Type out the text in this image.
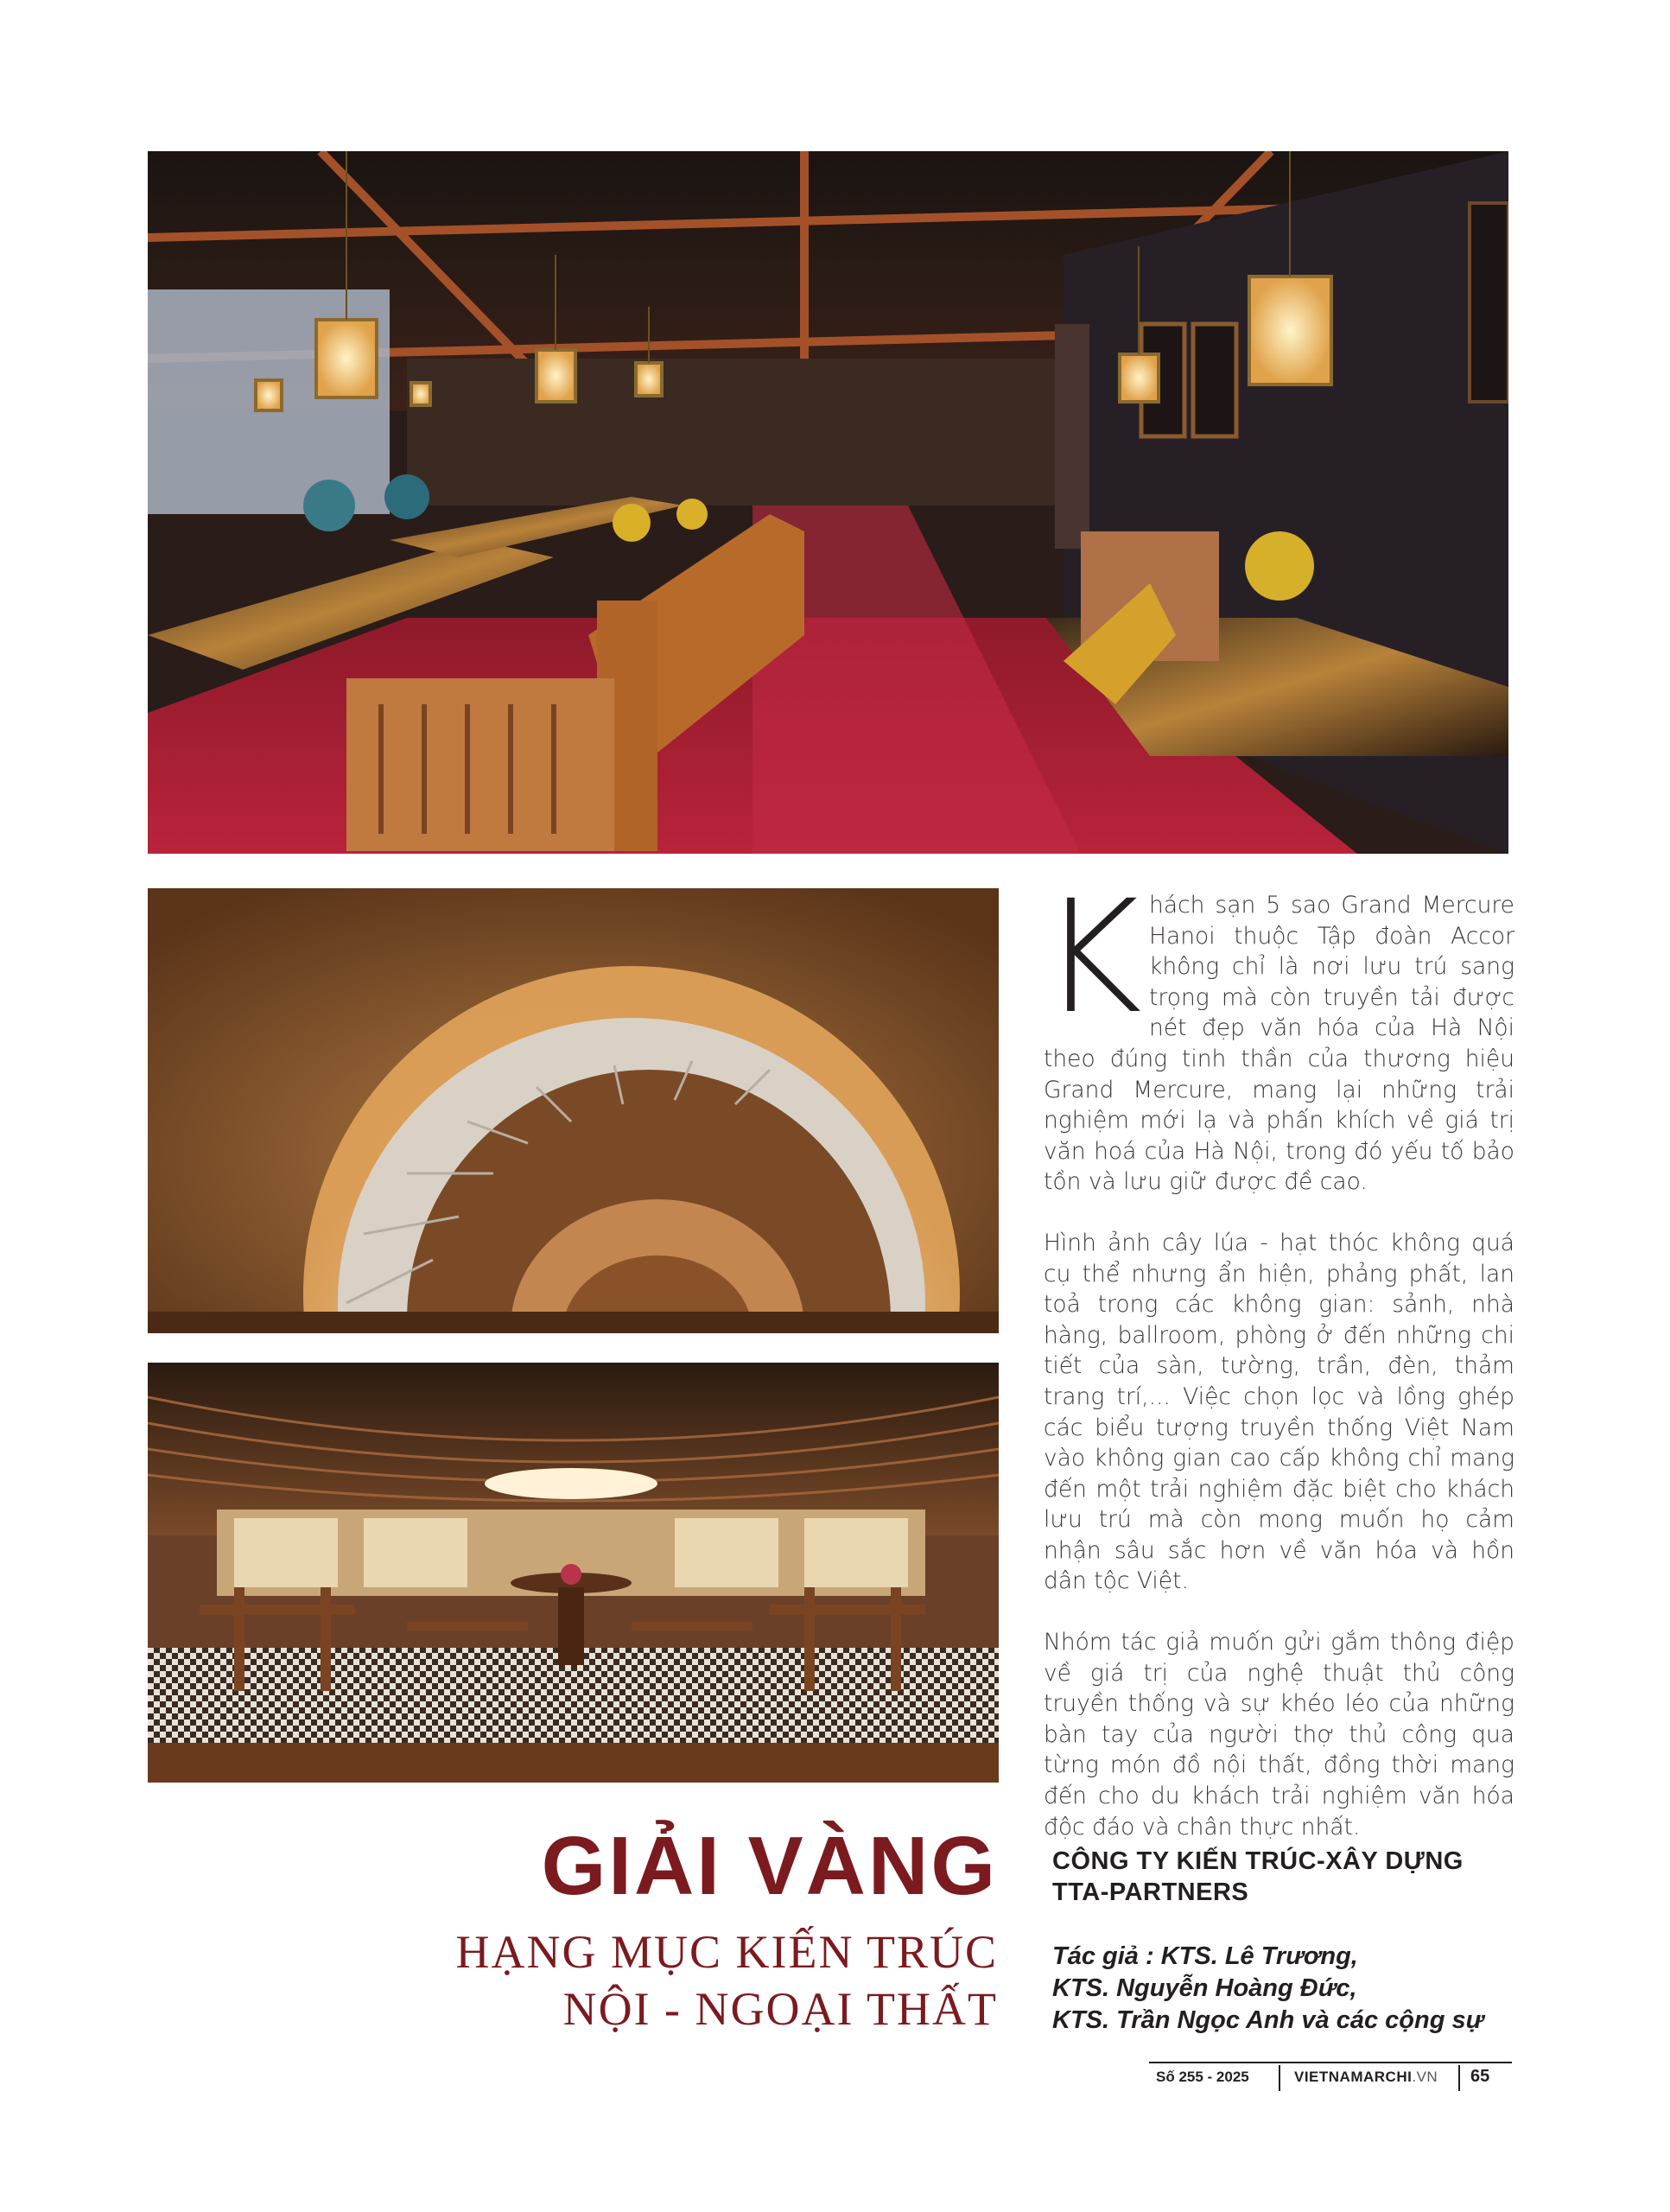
Khách sạn 5 sao Grand Mercure Hanoi thuộc Tập đoàn Accor không chỉ là nơi lưu trú sang trọng mà còn truyền tải được nét đẹp văn hóa của Hà Nội theo đúng tinh thần của thương hiệu Grand Mercure, mang lại những trải nghiệm mới lạ và phấn khích về giá trị văn hoá của Hà Nội, trong đó yếu tố bảo tồn và lưu giữ được đề cao.

Hình ảnh cây lúa - hạt thóc không quá cụ thể nhưng ẩn hiện, phảng phất, lan toả trong các không gian: sảnh, nhà hàng, ballroom, phòng ở đến những chi tiết của sàn, tường, trần, đèn, thảm trang trí,... Việc chọn lọc và lồng ghép các biểu tượng truyền thống Việt Nam vào không gian cao cấp không chỉ mang đến một trải nghiệm đặc biệt cho khách lưu trú mà còn mong muốn họ cảm nhận sâu sắc hơn về văn hóa và hồn dân tộc Việt.

Nhóm tác giả muốn gửi gắm thông điệp về giá trị của nghệ thuật thủ công truyền thống và sự khéo léo của những bàn tay của người thợ thủ công qua từng món đồ nội thất, đồng thời mang đến cho du khách trải nghiệm văn hóa độc đáo và chân thực nhất.

GIẢI VÀNG
HẠNG MỤC KIẾN TRÚC
NỘI - NGOẠI THẤT
CÔNG TY KIẾN TRÚC-XÂY DỰNG
TTA-PARTNERS
Tác giả : KTS. Lê Trương,
KTS. Nguyễn Hoàng Đức,
KTS. Trần Ngọc Anh và các cộng sự
Số 255 - 2025	VIETNAMARCHI.VN 65
